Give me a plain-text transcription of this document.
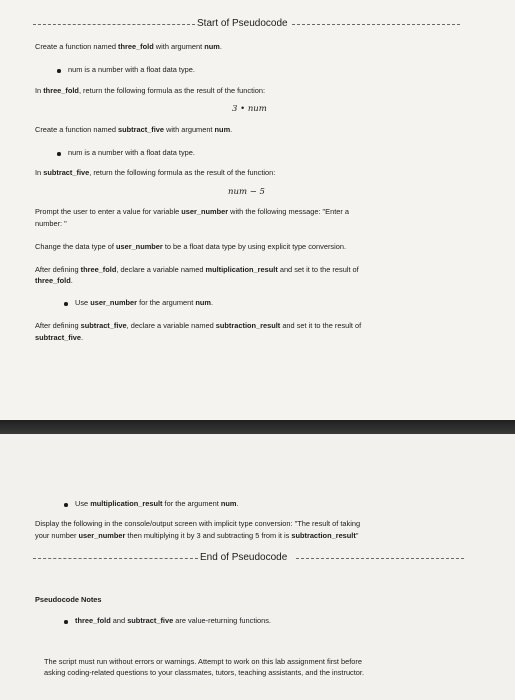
Start of Pseudocode
Create a function named three_fold with argument num.
num is a number with a float data type.
In three_fold, return the following formula as the result of the function:
3 • num
Create a function named subtract_five with argument num.
num is a number with a float data type.
In subtract_five, return the following formula as the result of the function:
num − 5
Prompt the user to enter a value for variable user_number with the following message: "Enter a
number: "
Change the data type of user_number to be a float data type by using explicit type conversion.
After defining three_fold, declare a variable named multiplication_result and set it to the result of
three_fold.
Use user_number for the argument num.
After defining subtract_five, declare a variable named subtraction_result and set it to the result of
subtract_five.
Use multiplication_result for the argument num.
Display the following in the console/output screen with implicit type conversion: "The result of taking
your number user_number then multiplying it by 3 and subtracting 5 from it is subtraction_result"
End of Pseudocode
Pseudocode Notes
three_fold and subtract_five are value-returning functions.
The script must run without errors or warnings. Attempt to work on this lab assignment first before
asking coding-related questions to your classmates, tutors, teaching assistants, and the instructor.
